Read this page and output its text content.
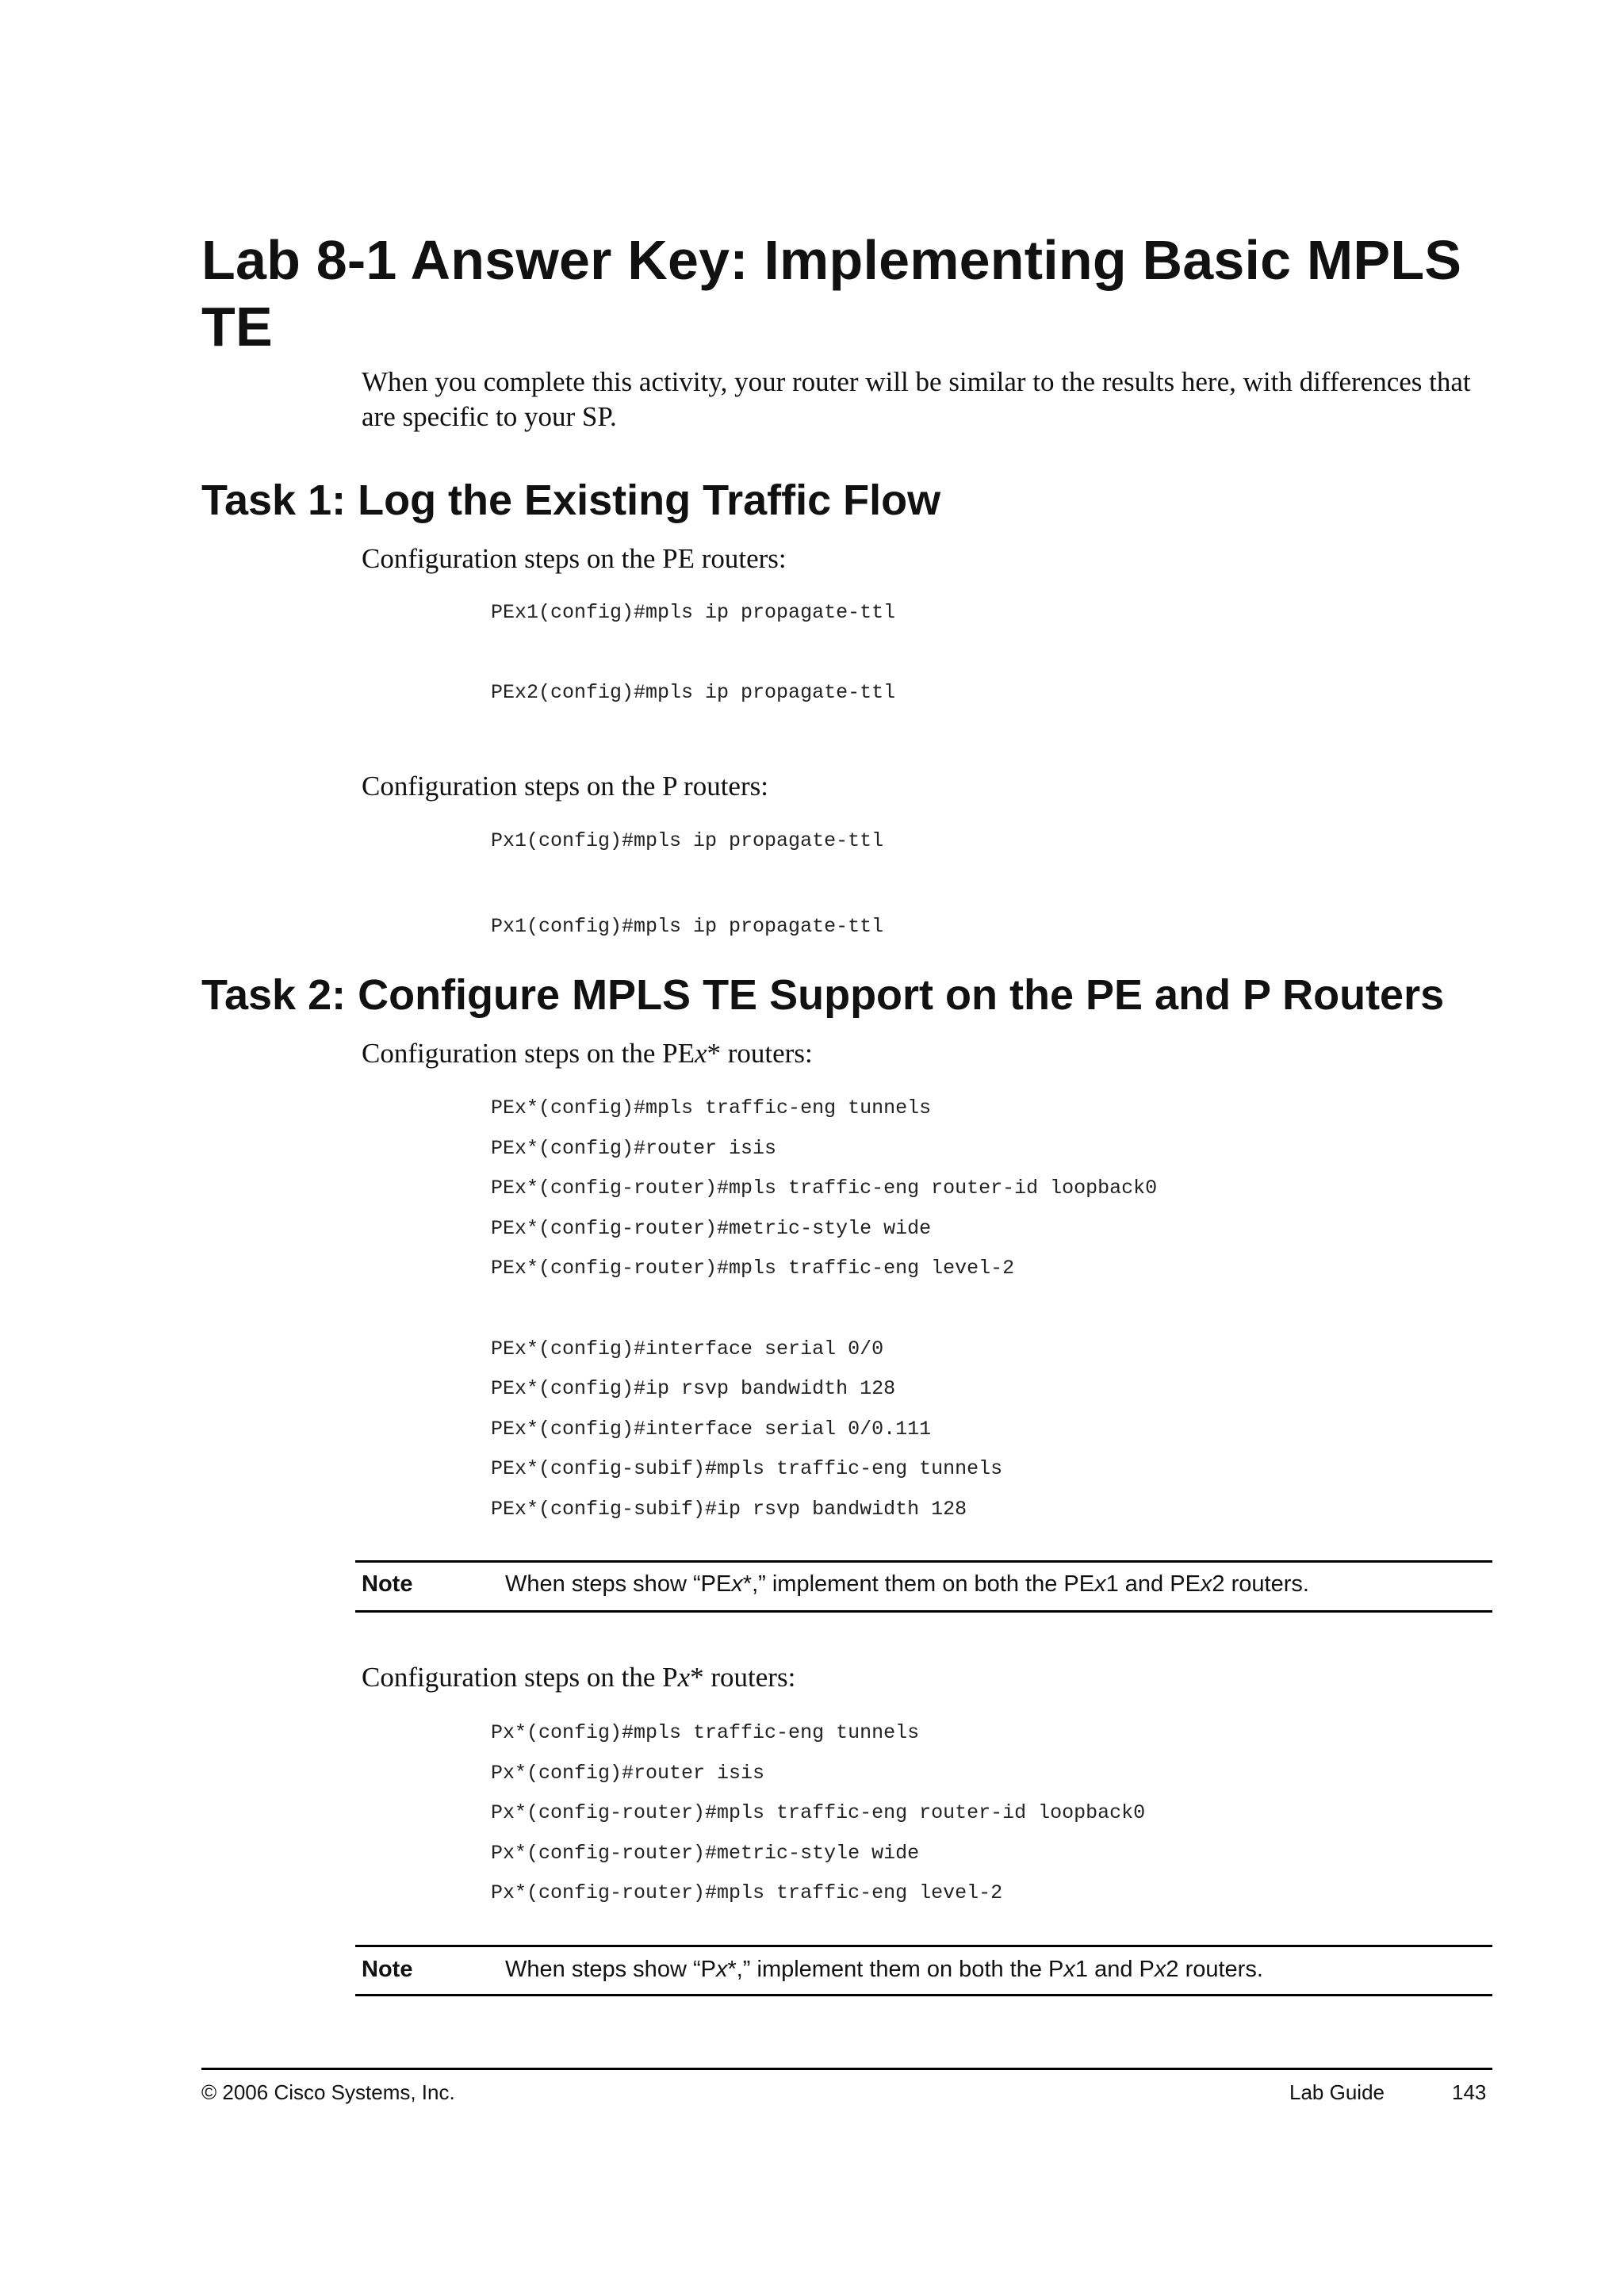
Lab 8-1 Answer Key: Implementing Basic MPLS TE
When you complete this activity, your router will be similar to the results here, with differences that are specific to your SP.
Task 1: Log the Existing Traffic Flow
Configuration steps on the PE routers:
PEx1(config)#mpls ip propagate-ttl
PEx2(config)#mpls ip propagate-ttl
Configuration steps on the P routers:
Px1(config)#mpls ip propagate-ttl
Px1(config)#mpls ip propagate-ttl
Task 2: Configure MPLS TE Support on the PE and P Routers
Configuration steps on the PEx* routers:
PEx*(config)#mpls traffic-eng tunnels
PEx*(config)#router isis
PEx*(config-router)#mpls traffic-eng router-id loopback0
PEx*(config-router)#metric-style wide
PEx*(config-router)#mpls traffic-eng level-2
PEx*(config)#interface serial 0/0
PEx*(config)#ip rsvp bandwidth 128
PEx*(config)#interface serial 0/0.111
PEx*(config-subif)#mpls traffic-eng tunnels
PEx*(config-subif)#ip rsvp bandwidth 128
Note	When steps show “PEx*,” implement them on both the PEx1 and PEx2 routers.
Configuration steps on the Px* routers:
Px*(config)#mpls traffic-eng tunnels
Px*(config)#router isis
Px*(config-router)#mpls traffic-eng router-id loopback0
Px*(config-router)#metric-style wide
Px*(config-router)#mpls traffic-eng level-2
Note	When steps show “Px*,” implement them on both the Px1 and Px2 routers.
© 2006 Cisco Systems, Inc.	Lab Guide	143
